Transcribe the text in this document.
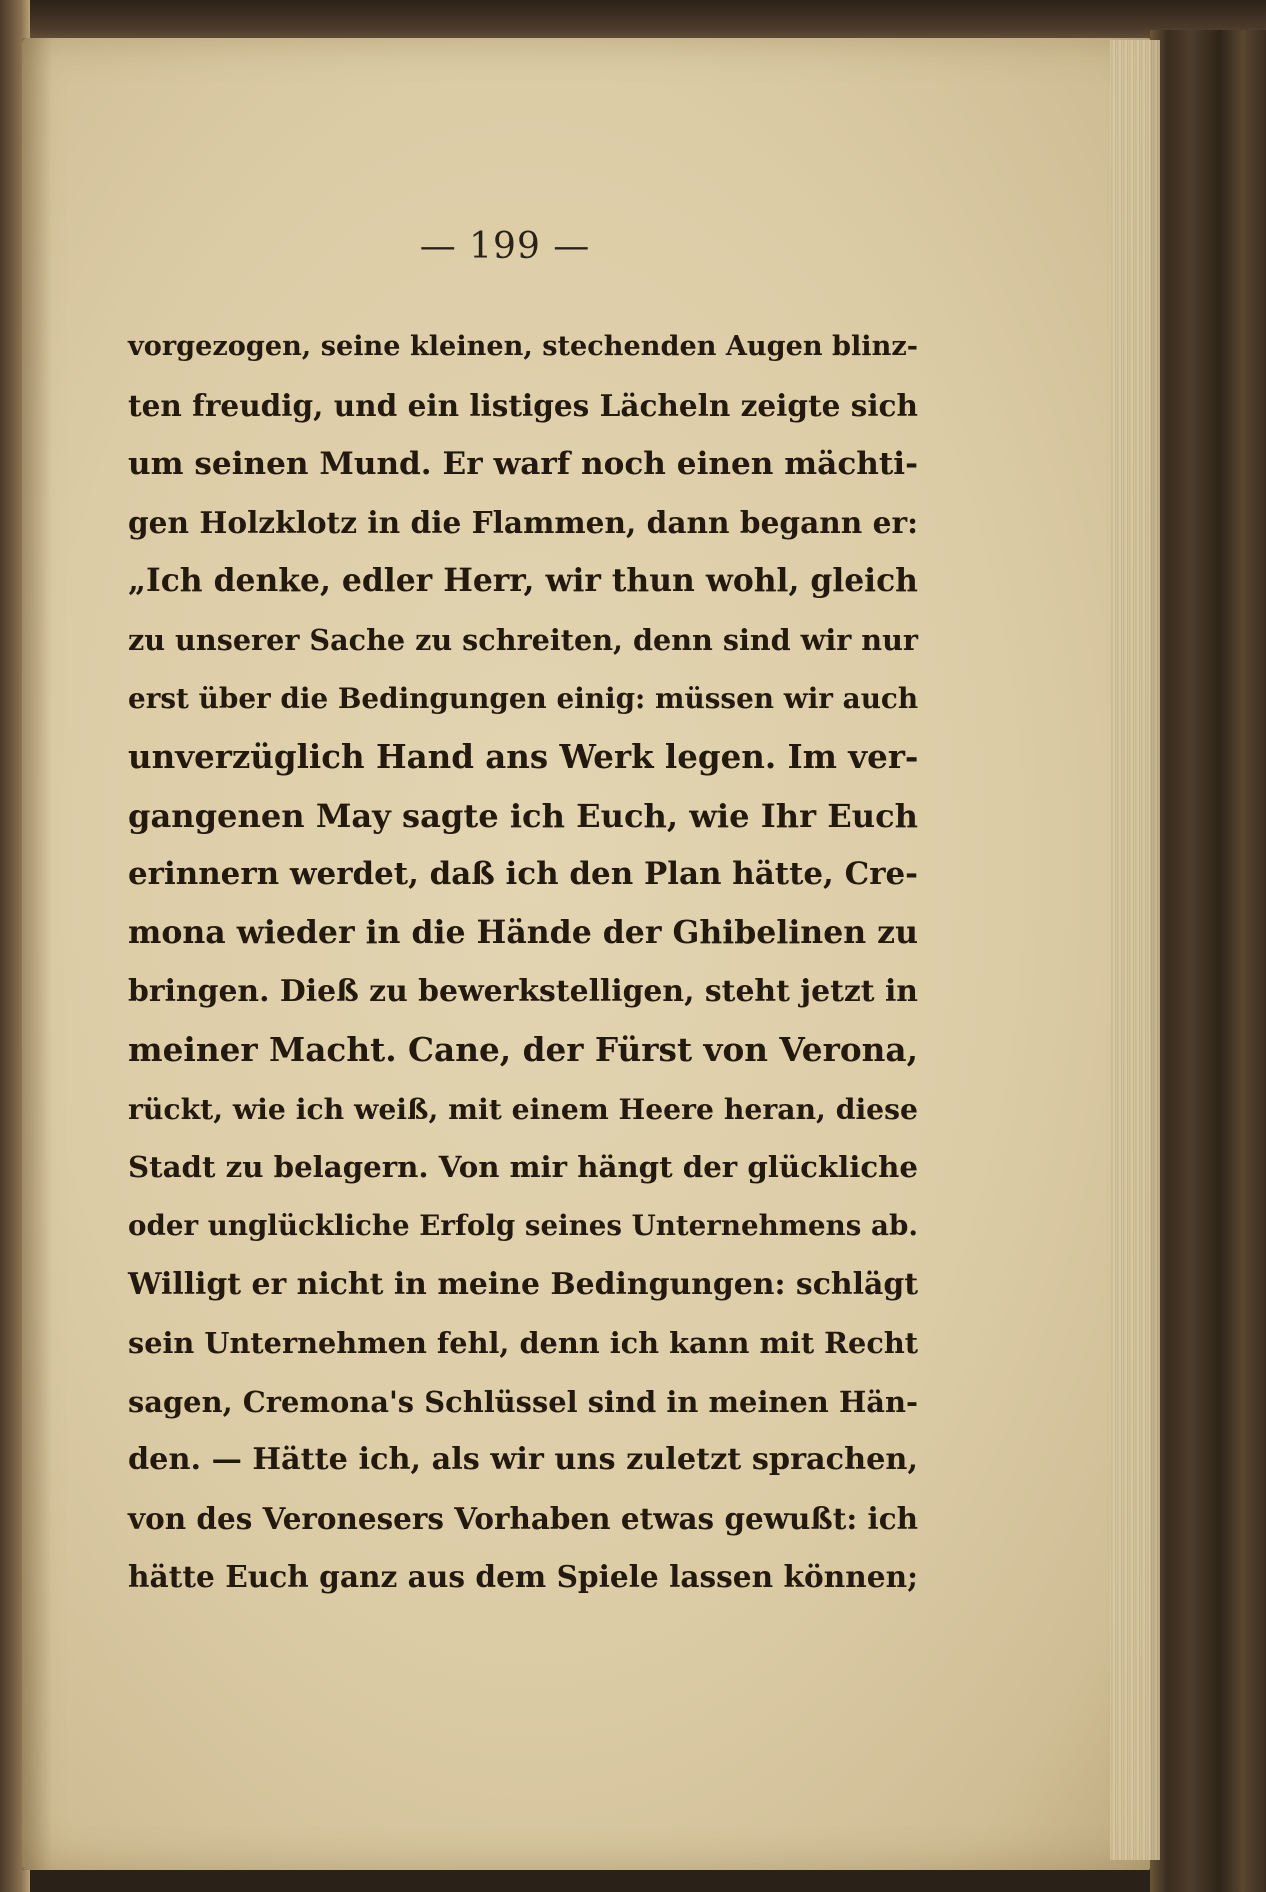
— 199 —
vorgezogen, seine kleinen, stechenden Augen blinz-
ten freudig, und ein listiges Lächeln zeigte sich
um seinen Mund. Er warf noch einen mächti-
gen Holzklotz in die Flammen, dann begann er:
„Ich denke, edler Herr, wir thun wohl, gleich
zu unserer Sache zu schreiten, denn sind wir nur
erst über die Bedingungen einig: müssen wir auch
unverzüglich Hand ans Werk legen. Im ver-
gangenen May sagte ich Euch, wie Ihr Euch
erinnern werdet, daß ich den Plan hätte, Cre-
mona wieder in die Hände der Ghibelinen zu
bringen. Dieß zu bewerkstelligen, steht jetzt in
meiner Macht. Cane, der Fürst von Verona,
rückt, wie ich weiß, mit einem Heere heran, diese
Stadt zu belagern. Von mir hängt der glückliche
oder unglückliche Erfolg seines Unternehmens ab.
Willigt er nicht in meine Bedingungen: schlägt
sein Unternehmen fehl, denn ich kann mit Recht
sagen, Cremona's Schlüssel sind in meinen Hän-
den. — Hätte ich, als wir uns zuletzt sprachen,
von des Veronesers Vorhaben etwas gewußt: ich
hätte Euch ganz aus dem Spiele lassen können;
